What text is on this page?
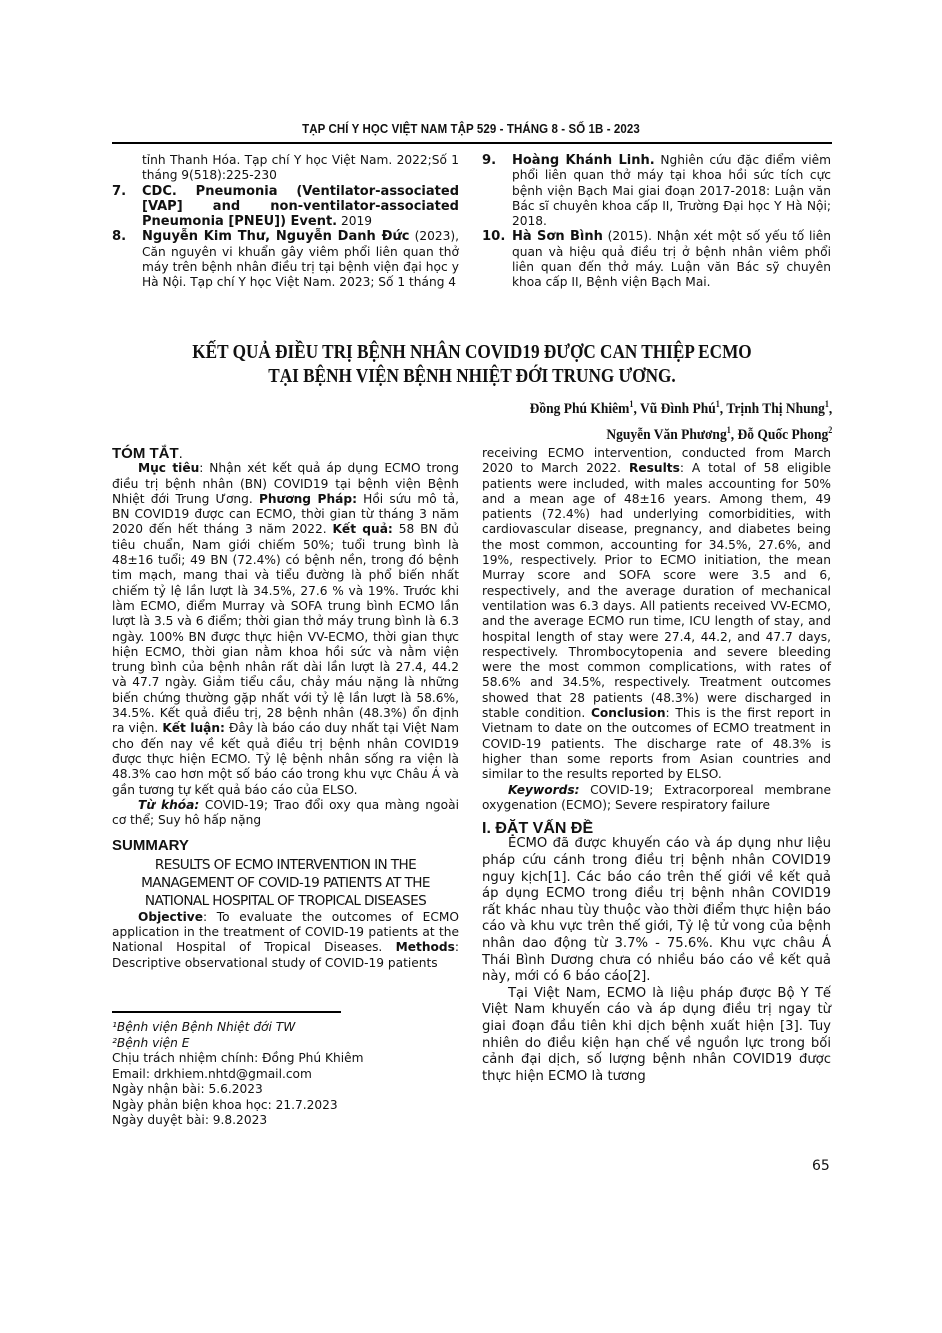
TẠP CHÍ Y HỌC VIỆT NAM TẬP 529 - THÁNG 8 - SỐ 1B - 2023

tỉnh Thanh Hóa. Tạp chí Y học Việt Nam. 2022;Số 1 tháng 9(518):225-230

7.	CDC. Pneumonia (Ventilator-associated [VAP] and non-ventilator-associated Pneumonia [PNEU]) Event. 2019
8.	Nguyễn Kim Thư, Nguyễn Danh Đức (2023), Căn nguyên vi khuẩn gây viêm phổi liên quan thở máy trên bệnh nhân điều trị tại bệnh viện đại học y Hà Nội. Tạp chí Y học Việt Nam. 2023; Số 1 tháng 4
9.	Hoàng Khánh Linh. Nghiên cứu đặc điểm viêm phổi liên quan thở máy tại khoa hồi sức tích cực bệnh viện Bạch Mai giai đoạn 2017-2018: Luận văn Bác sĩ chuyên khoa cấp II, Trường Đại học Y Hà Nội; 2018.
10. Hà Sơn Bình (2015). Nhận xét một số yếu tố liên quan và hiệu quả điều trị ở bệnh nhân viêm phổi liên quan đến thở máy. Luận văn Bác sỹ chuyên khoa cấp II, Bệnh viện Bạch Mai.
KẾT QUẢ ĐIỀU TRỊ BỆNH NHÂN COVID19 ĐƯỢC CAN THIỆP ECMO
TẠI BỆNH VIỆN BỆNH NHIỆT ĐỚI TRUNG ƯƠNG.
Đồng Phú Khiêm$^1$, Vũ Đình Phú$^1$, Trịnh Thị Nhung$^1$,
Nguyễn Văn Phương$^1$, Đỗ Quốc Phong$^2$
TÓM TẮT.

Mục tiêu: Nhận xét kết quả áp dụng ECMO trong điều trị bệnh nhân (BN) COVID19 tại bệnh viện Bệnh Nhiệt đới Trung Ương. Phương Pháp: Hồi sứu mô tả, BN COVID19 được can ECMO, thời gian từ tháng 3 năm 2020 đến hết tháng 3 năm 2022. Kết quả: 58 BN đủ tiêu chuẩn, Nam giới chiếm 50%; tuổi trung bình là 48±16 tuổi; 49 BN (72.4%) có bệnh nền, trong đó bệnh tim mạch, mang thai và tiểu đường là phổ biến nhất chiếm tỷ lệ lần lượt là 34.5%, 27.6 % và 19%. Trước khi làm ECMO, điểm Murray và SOFA trung bình ECMO lần lượt là 3.5 và 6 điểm; thời gian thở máy trung bình là 6.3 ngày. 100% BN được thực hiện VV-ECMO, thời gian thực hiện ECMO, thời gian nằm khoa hồi sức và nằm viện trung bình của bệnh nhân rất dài lần lượt là 27.4, 44.2 và 47.7 ngày. Giảm tiểu cầu, chảy máu nặng là những biến chứng thường gặp nhất với tỷ lệ lần lượt là 58.6%, 34.5%. Kết quả điều trị, 28 bệnh nhân (48.3%) ổn định ra viện. Kết luận: Đây là báo cáo duy nhất tại Việt Nam cho đến nay về kết quả điều trị bệnh nhân COVID19 được thực hiện ECMO. Tỷ lệ bệnh nhân sống ra viện là 48.3% cao hơn một số báo cáo trong khu vực Châu Á và gần tương tự kết quả báo cáo của ELSO.

Từ khóa: COVID-19; Trao đổi oxy qua màng ngoài cơ thể; Suy hô hấp nặng

SUMMARY

RESULTS OF ECMO INTERVENTION IN THE MANAGEMENT OF COVID-19 PATIENTS AT THE NATIONAL HOSPITAL OF TROPICAL DISEASES

Objective: To evaluate the outcomes of ECMO application in the treatment of COVID-19 patients at the National Hospital of Tropical Diseases. Methods: Descriptive observational study of COVID-19 patients

receiving ECMO intervention, conducted from March 2020 to March 2022. Results: A total of 58 eligible patients were included, with males accounting for 50% and a mean age of 48±16 years. Among them, 49 patients (72.4%) had underlying comorbidities, with cardiovascular disease, pregnancy, and diabetes being the most common, accounting for 34.5%, 27.6%, and 19%, respectively. Prior to ECMO initiation, the mean Murray score and SOFA score were 3.5 and 6, respectively, and the average duration of mechanical ventilation was 6.3 days. All patients received VV-ECMO, and the average ECMO run time, ICU length of stay, and hospital length of stay were 27.4, 44.2, and 47.7 days, respectively. Thrombocytopenia and severe bleeding were the most common complications, with rates of 58.6% and 34.5%, respectively. Treatment outcomes showed that 28 patients (48.3%) were discharged in stable condition. Conclusion: This is the first report in Vietnam to date on the outcomes of ECMO treatment in COVID-19 patients. The discharge rate of 48.3% is higher than some reports from Asian countries and similar to the results reported by ELSO.

Keywords: COVID-19; Extracorporeal membrane oxygenation (ECMO); Severe respiratory failure

I. ĐẶT VẤN ĐỀ

ECMO đã được khuyến cáo và áp dụng như liệu pháp cứu cánh trong điều trị bệnh nhân COVID19 nguy kịch[1]. Các báo cáo trên thế giới về kết quả áp dụng ECMO trong điều trị bệnh nhân COVID19 rất khác nhau tùy thuộc vào thời điểm thực hiện báo cáo và khu vực trên thế giới, Tỷ lệ tử vong của bệnh nhân dao động từ 3.7% - 75.6%. Khu vực châu Á Thái Bình Dương chưa có nhiều báo cáo về kết quả này, mới có 6 báo cáo[2].

Tại Việt Nam, ECMO là liệu pháp được Bộ Y Tế Việt Nam khuyến cáo và áp dụng điều trị ngay từ giai đoạn đầu tiên khi dịch bệnh xuất hiện [3]. Tuy nhiên do điều kiện hạn chế về nguồn lực trong bối cảnh đại dịch, số lượng bệnh nhân COVID19 được thực hiện ECMO là tương

¹Bệnh viện Bệnh Nhiệt đới TW
²Bệnh viện E
Chịu trách nhiệm chính: Đồng Phú Khiêm
Email: drkhiem.nhtd@gmail.com
Ngày nhận bài: 5.6.2023
Ngày phản biện khoa học: 21.7.2023
Ngày duyệt bài: 9.8.2023
65
